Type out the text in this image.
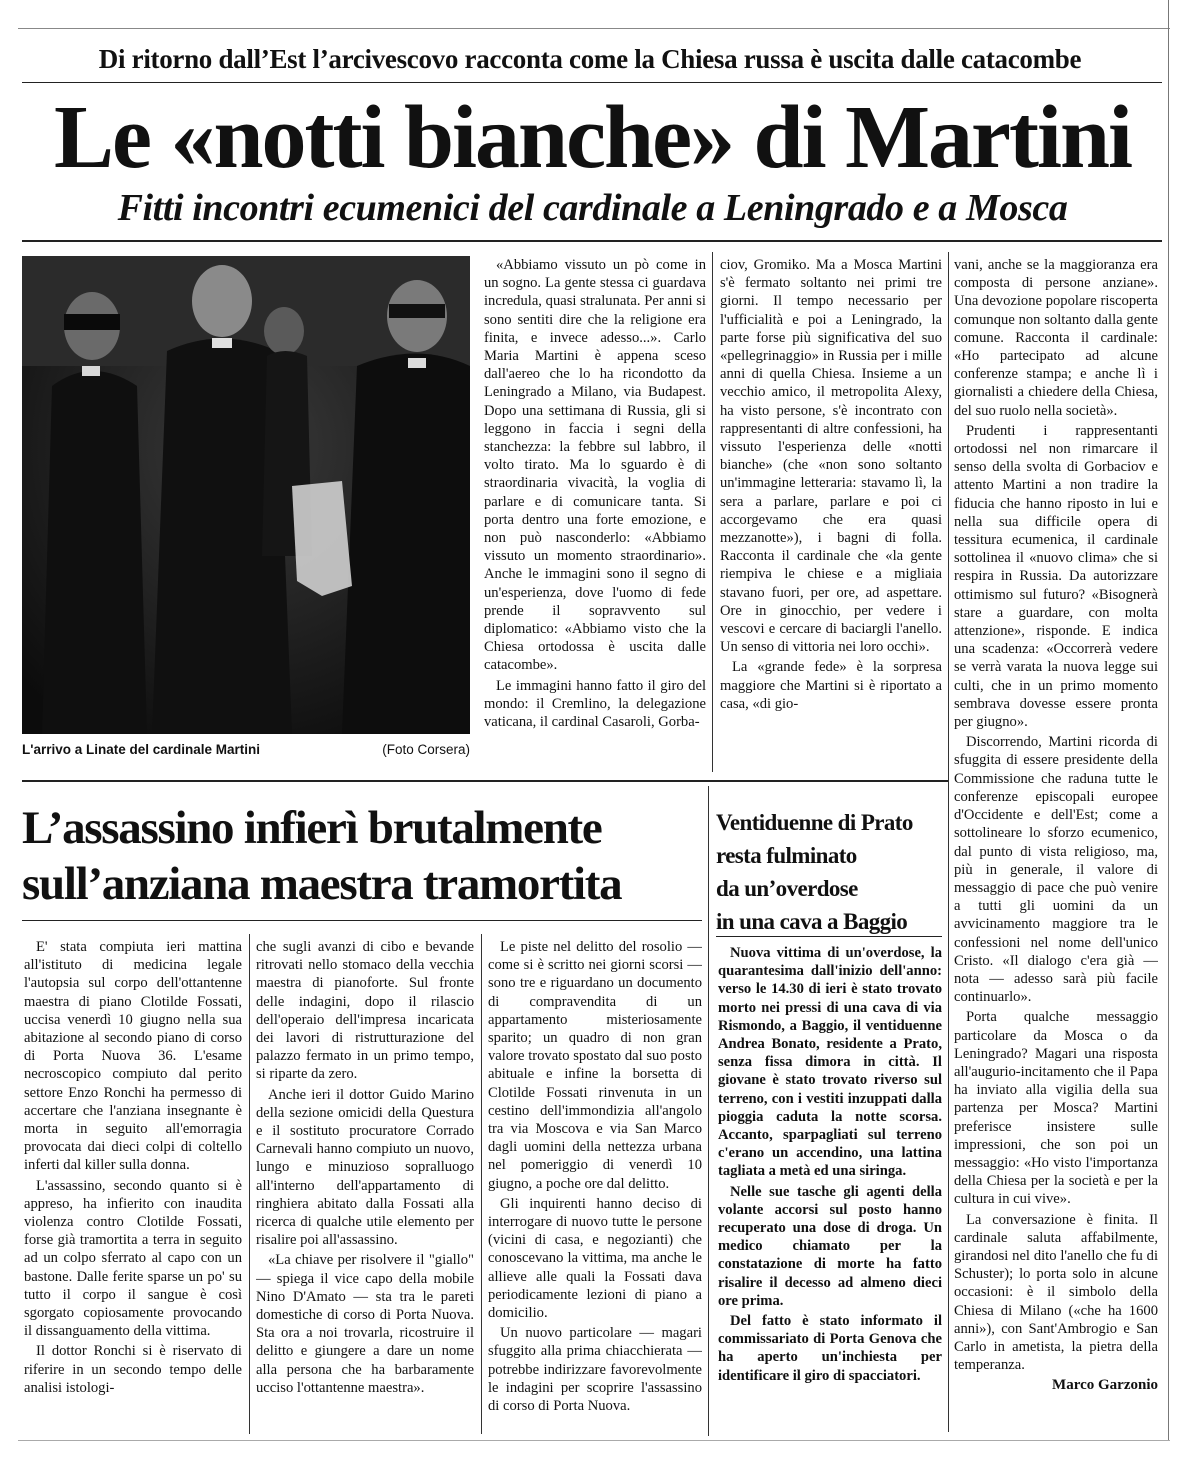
Di ritorno dall’Est l’arcivescovo racconta come la Chiesa russa è uscita dalle catacombe
Le «notti bianche» di Martini
Fitti incontri ecumenici del cardinale a Leningrado e a Mosca
L'arrivo a Linate del cardinale Martini	(Foto Corsera)

«Abbiamo vissuto un pò come in un sogno. La gente stessa ci guardava incredula, quasi stralunata. Per anni si sono sentiti dire che la religione era finita, e invece adesso...». Carlo Maria Martini è appena sceso dall'aereo che lo ha ricondotto da Leningrado a Milano, via Budapest. Dopo una settimana di Russia, gli si leggono in faccia i segni della stanchezza: la febbre sul labbro, il volto tirato. Ma lo sguardo è di straordinaria vivacità, la voglia di parlare e di comunicare tanta. Si porta dentro una forte emozione, e non può nasconderlo: «Abbiamo vissuto un momento straordinario». Anche le immagini sono il segno di un'esperienza, dove l'uomo di fede prende il sopravvento sul diplomatico: «Abbiamo visto che la Chiesa ortodossa è uscita dalle catacombe».

Le immagini hanno fatto il giro del mondo: il Cremlino, la delegazione vaticana, il cardinal Casaroli, Gorba-

ciov, Gromiko. Ma a Mosca Martini s'è fermato soltanto nei primi tre giorni. Il tempo necessario per l'ufficialità e poi a Leningrado, la parte forse più significativa del suo «pellegrinaggio» in Russia per i mille anni di quella Chiesa. Insieme a un vecchio amico, il metropolita Alexy, ha visto persone, s'è incontrato con rappresentanti di altre confessioni, ha vissuto l'esperienza delle «notti bianche» (che «non sono soltanto un'immagine letteraria: stavamo lì, la sera a parlare, parlare e poi ci accorgevamo che era quasi mezzanotte»), i bagni di folla. Racconta il cardinale che «la gente riempiva le chiese e a migliaia stavano fuori, per ore, ad aspettare. Ore in ginocchio, per vedere i vescovi e cercare di baciargli l'anello. Un senso di vittoria nei loro occhi».

La «grande fede» è la sorpresa maggiore che Martini si è riportato a casa, «di gio-

vani, anche se la maggioranza era composta di persone anziane». Una devozione popolare riscoperta comunque non soltanto dalla gente comune. Racconta il cardinale: «Ho partecipato ad alcune conferenze stampa; e anche lì i giornalisti a chiedere della Chiesa, del suo ruolo nella società».

Prudenti i rappresentanti ortodossi nel non rimarcare il senso della svolta di Gorbaciov e attento Martini a non tradire la fiducia che hanno riposto in lui e nella sua difficile opera di tessitura ecumenica, il cardinale sottolinea il «nuovo clima» che si respira in Russia. Da autorizzare ottimismo sul futuro? «Bisognerà stare a guardare, con molta attenzione», risponde. E indica una scadenza: «Occorrerà vedere se verrà varata la nuova legge sui culti, che in un primo momento sembrava dovesse essere pronta per giugno».

Discorrendo, Martini ricorda di sfuggita di essere presidente della Commissione che raduna tutte le conferenze episcopali europee d'Occidente e dell'Est; come a sottolineare lo sforzo ecumenico, dal punto di vista religioso, ma, più in generale, il valore di messaggio di pace che può venire a tutti gli uomini da un avvicinamento maggiore tra le confessioni nel nome dell'unico Cristo. «Il dialogo c'era già — nota — adesso sarà più facile continuarlo».

Porta qualche messaggio particolare da Mosca o da Leningrado? Magari una risposta all'augurio-incitamento che il Papa ha inviato alla vigilia della sua partenza per Mosca? Martini preferisce insistere sulle impressioni, che son poi un messaggio: «Ho visto l'importanza della Chiesa per la società e per la cultura in cui vive».

La conversazione è finita. Il cardinale saluta affabilmente, girandosi nel dito l'anello che fu di Schuster); lo porta solo in alcune occasioni: è il simbolo della Chiesa di Milano («che ha 1600 anni»), con Sant'Ambrogio e San Carlo in ametista, la pietra della temperanza.

Marco Garzonio
L’assassino infierì brutalmente
sull’anziana maestra tramortita
Ventiduenne di Prato
resta fulminato
da un’overdose
in una cava a Baggio

E' stata compiuta ieri mattina all'istituto di medicina legale l'autopsia sul corpo dell'ottantenne maestra di piano Clotilde Fossati, uccisa venerdì 10 giugno nella sua abitazione al secondo piano di corso di Porta Nuova 36. L'esame necroscopico compiuto dal perito settore Enzo Ronchi ha permesso di accertare che l'anziana insegnante è morta in seguito all'emorragia provocata dai dieci colpi di coltello inferti dal killer sulla donna.

L'assassino, secondo quanto si è appreso, ha infierito con inaudita violenza contro Clotilde Fossati, forse già tramortita a terra in seguito ad un colpo sferrato al capo con un bastone. Dalle ferite sparse un po' su tutto il corpo il sangue è così sgorgato copiosamente provocando il dissanguamento della vittima.

Il dottor Ronchi si è riservato di riferire in un secondo tempo delle analisi istologi-

che sugli avanzi di cibo e bevande ritrovati nello stomaco della vecchia maestra di pianoforte. Sul fronte delle indagini, dopo il rilascio dell'operaio dell'impresa incaricata dei lavori di ristrutturazione del palazzo fermato in un primo tempo, si riparte da zero.

Anche ieri il dottor Guido Marino della sezione omicidi della Questura e il sostituto procuratore Corrado Carnevali hanno compiuto un nuovo, lungo e minuzioso sopralluogo all'interno dell'appartamento di ringhiera abitato dalla Fossati alla ricerca di qualche utile elemento per risalire poi all'assassino.

«La chiave per risolvere il "giallo" — spiega il vice capo della mobile Nino D'Amato — sta tra le pareti domestiche di corso di Porta Nuova. Sta ora a noi trovarla, ricostruire il delitto e giungere a dare un nome alla persona che ha barbaramente ucciso l'ottantenne maestra».

Le piste nel delitto del rosolio — come si è scritto nei giorni scorsi — sono tre e riguardano un documento di compravendita di un appartamento misteriosamente sparito; un quadro di non gran valore trovato spostato dal suo posto abituale e infine la borsetta di Clotilde Fossati rinvenuta in un cestino dell'immondizia all'angolo tra via Moscova e via San Marco dagli uomini della nettezza urbana nel pomeriggio di venerdì 10 giugno, a poche ore dal delitto.

Gli inquirenti hanno deciso di interrogare di nuovo tutte le persone (vicini di casa, e negozianti) che conoscevano la vittima, ma anche le allieve alle quali la Fossati dava periodicamente lezioni di piano a domicilio.

Un nuovo particolare — magari sfuggito alla prima chiacchierata — potrebbe indirizzare favorevolmente le indagini per scoprire l'assassino di corso di Porta Nuova.

Nuova vittima di un'overdose, la quarantesima dall'inizio dell'anno: verso le 14.30 di ieri è stato trovato morto nei pressi di una cava di via Rismondo, a Baggio, il ventiduenne Andrea Bonato, residente a Prato, senza fissa dimora in città. Il giovane è stato trovato riverso sul terreno, con i vestiti inzuppati dalla pioggia caduta la notte scorsa. Accanto, sparpagliati sul terreno c'erano un accendino, una lattina tagliata a metà ed una siringa.

Nelle sue tasche gli agenti della volante accorsi sul posto hanno recuperato una dose di droga. Un medico chiamato per la constatazione di morte ha fatto risalire il decesso ad almeno dieci ore prima.

Del fatto è stato informato il commissariato di Porta Genova che ha aperto un'inchiesta per identificare il giro di spacciatori.
